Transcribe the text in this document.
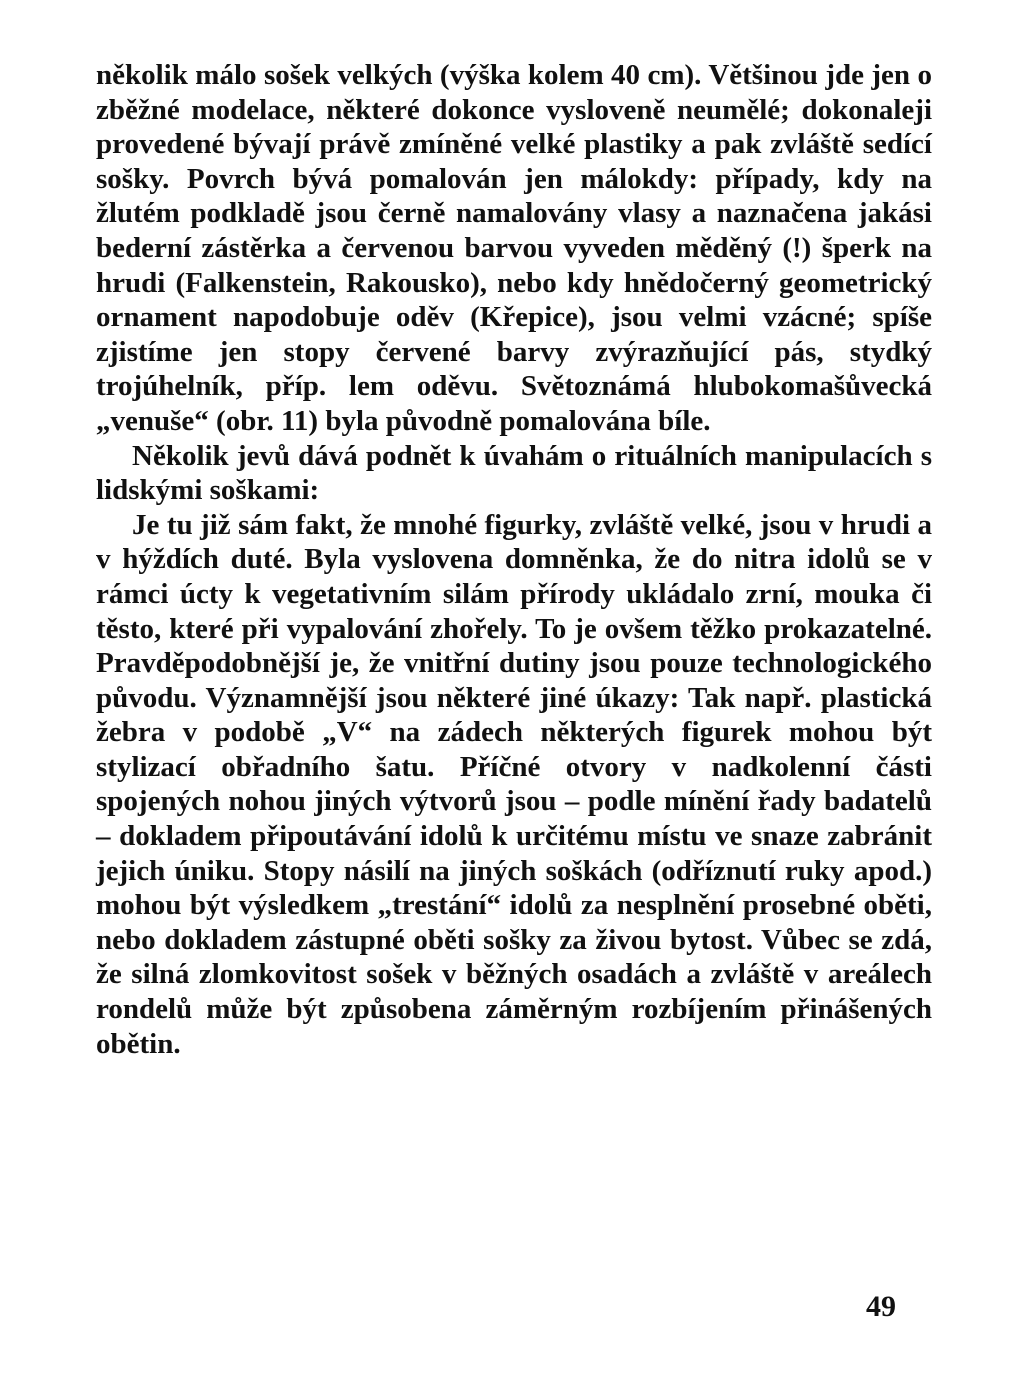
několik málo sošek velkých (výška kolem 40 cm). Většinou jde jen o zběžné modelace, některé dokonce vysloveně neumělé; dokonaleji provedené bývají právě zmíněné velké plastiky a pak zvláště sedící sošky. Povrch bývá pomalován jen málokdy: případy, kdy na žlutém podkladě jsou černě namalovány vlasy a naznačena jakási bederní zástěrka a červenou barvou vyveden měděný (!) šperk na hrudi (Falkenstein, Rakousko), nebo kdy hnědočerný geometrický ornament napodobuje oděv (Křepice), jsou velmi vzácné; spíše zjistíme jen stopy červené barvy zvýrazňující pás, stydký trojúhelník, příp. lem oděvu. Světoznámá hlubokomašůvecká „venuše“ (obr. 11) byla původně pomalována bíle.

Několik jevů dává podnět k úvahám o rituálních manipulacích s lidskými soškami:

Je tu již sám fakt, že mnohé figurky, zvláště velké, jsou v hrudi a v hýždích duté. Byla vyslovena domněnka, že do nitra idolů se v rámci úcty k vegetativním silám přírody ukládalo zrní, mouka či těsto, které při vypalování zhořely. To je ovšem těžko prokazatelné. Pravděpodobnější je, že vnitřní dutiny jsou pouze technologického původu. Významnější jsou některé jiné úkazy: Tak např. plastická žebra v podobě „V“ na zádech některých figurek mohou být stylizací obřadního šatu. Příčné otvory v nadkolenní části spojených nohou jiných výtvorů jsou – podle mínění řady badatelů – dokladem připoutávání idolů k určitému místu ve snaze zabránit jejich úniku. Stopy násilí na jiných soškách (odříznutí ruky apod.) mohou být výsledkem „trestání“ idolů za nesplnění prosebné oběti, nebo dokladem zástupné oběti sošky za živou bytost. Vůbec se zdá, že silná zlomkovitost sošek v běžných osadách a zvláště v areálech rondelů může být způsobena záměrným rozbíjením přinášených obětin.

49
